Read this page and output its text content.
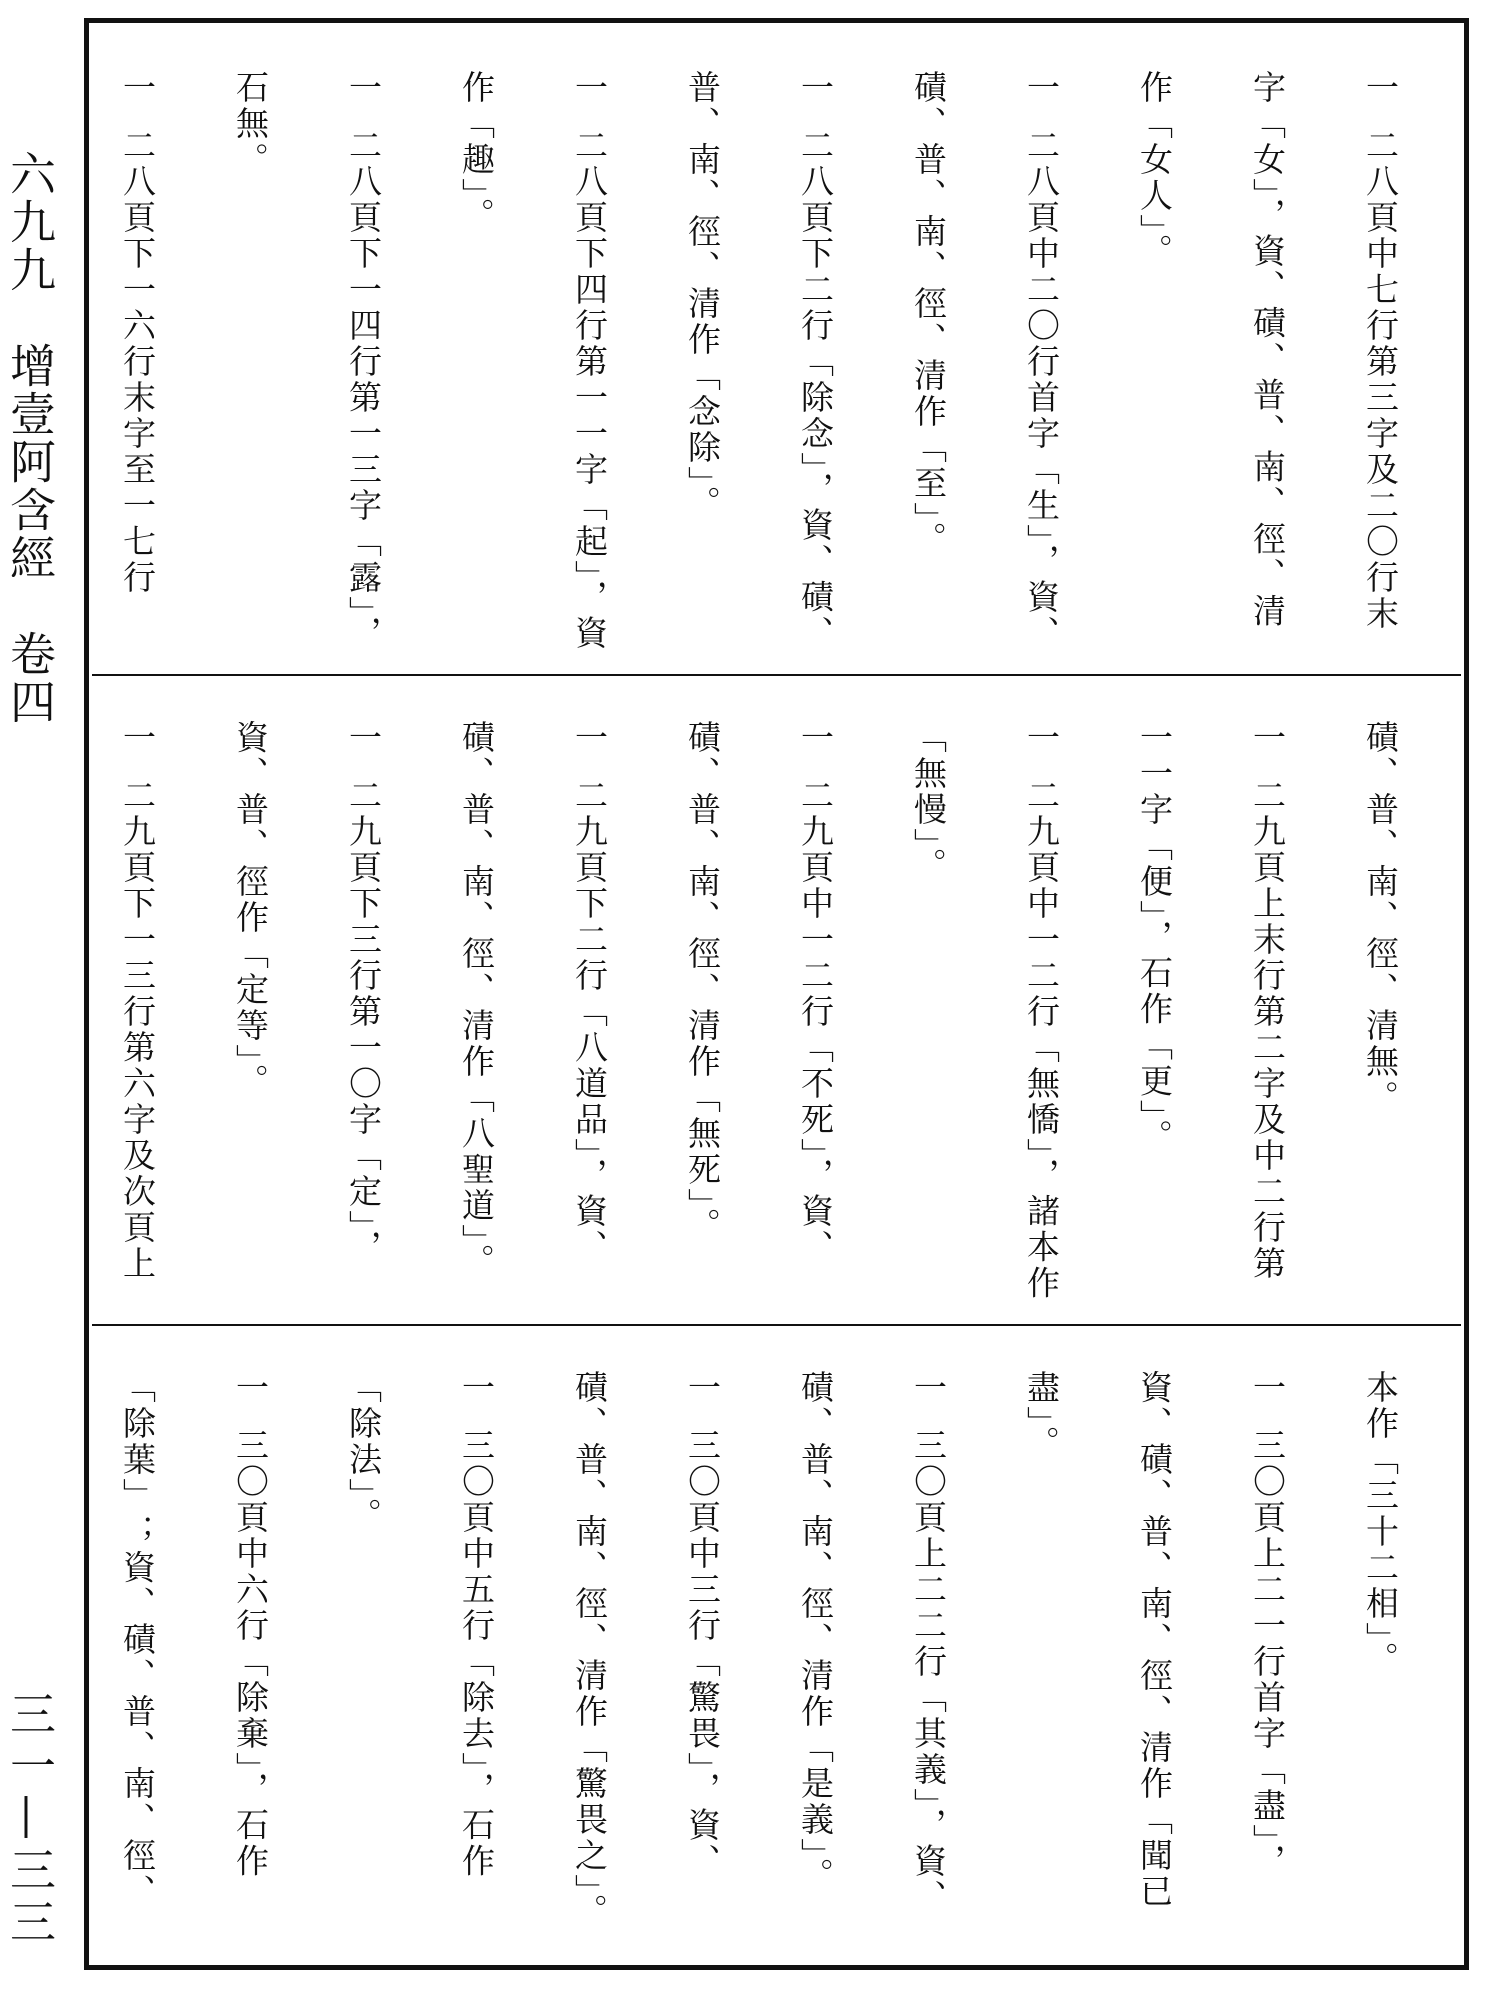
六九九　增壹阿含經　卷四
三一—三三
一 二八頁中七行第三字及二〇行末字「女」，資、磧、普、南、徑、清作「女人」。
一 二八頁中二〇行首字「生」，資、磧、普、南、徑、清作「至」。
一 二八頁下二行「除念」，資、磧、普、南、徑、清作「念除」。
一 二八頁下四行第一一字「起」，資作「趣」。
一 二八頁下一四行第一三字「露」，石無。
一 二八頁下一六行末字至一七行
磧、普、南、徑、清無。
一 二九頁上末行第二字及中二行第一一字「便」，石作「更」。
一 二九頁中一二行「無憍」，諸本作「無慢」。
一 二九頁中一二行「不死」，資、磧、普、南、徑、清作「無死」。
一 二九頁下二行「八道品」，資、磧、普、南、徑、清作「八聖道」。
一 二九頁下三行第一〇字「定」，資、普、徑作「定等」。
一 二九頁下一三行第六字及次頁上
本作「三十二相」。
一 三〇頁上二一行首字「盡」，資、磧、普、南、徑、清作「聞已盡」。
一 三〇頁上二二行「其義」，資、磧、普、南、徑、清作「是義」。
一 三〇頁中三行「驚畏」，資、磧、普、南、徑、清作「驚畏之」。
一 三〇頁中五行「除去」，石作「除法」。
一 三〇頁中六行「除棄」，石作「除葉」；資、磧、普、南、徑、
